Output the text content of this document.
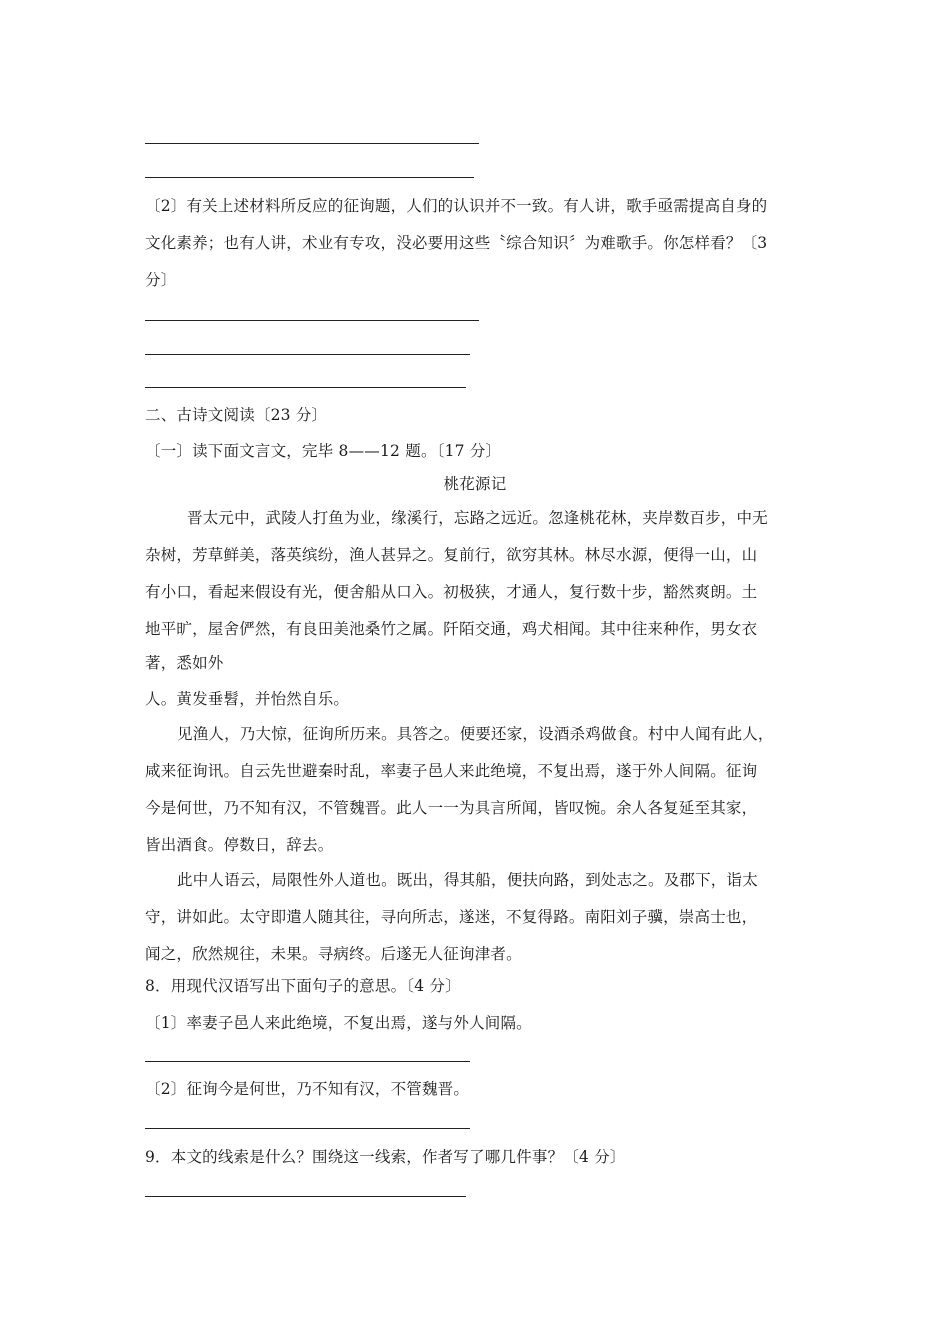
〔2〕有关上述材料所反应的征询题，人们的认识并不一致。有人讲，歌手亟需提高自身的
文化素养；也有人讲，术业有专攻，没必要用这些〝综合知识〞为难歌手。你怎样看？〔3
分〕
二、古诗文阅读〔23 分〕
〔一〕读下面文言文，完毕 8——12 题。〔17 分〕
桃花源记
晋太元中，武陵人打鱼为业，缘溪行，忘路之远近。忽逢桃花林，夹岸数百步，中无
杂树，芳草鲜美，落英缤纷，渔人甚异之。复前行，欲穷其林。林尽水源，便得一山，山
有小口，看起来假设有光，便舍船从口入。初极狭，才通人，复行数十步，豁然爽朗。土
地平旷，屋舍俨然，有良田美池桑竹之属。阡陌交通，鸡犬相闻。其中往来种作，男女衣
著，悉如外
人。黄发垂髫，并怡然自乐。
见渔人，乃大惊，征询所历来。具答之。便要还家，设酒杀鸡做食。村中人闻有此人，
咸来征询讯。自云先世避秦时乱，率妻子邑人来此绝境，不复出焉，遂于外人间隔。征询
今是何世，乃不知有汉，不管魏晋。此人一一为具言所闻，皆叹惋。余人各复延至其家，
皆出酒食。停数日，辞去。
此中人语云，局限性外人道也。既出，得其船，便扶向路，到处志之。及郡下，诣太
守，讲如此。太守即遣人随其往，寻向所志，遂迷，不复得路。南阳刘子骥，崇高士也，
闻之，欣然规往，未果。寻病终。后遂无人征询津者。
8．用现代汉语写出下面句子的意思。〔4 分〕
〔1〕率妻子邑人来此绝境，不复出焉，遂与外人间隔。
〔2〕征询今是何世，乃不知有汉，不管魏晋。
9．本文的线索是什么？围绕这一线索，作者写了哪几件事？〔4 分〕
